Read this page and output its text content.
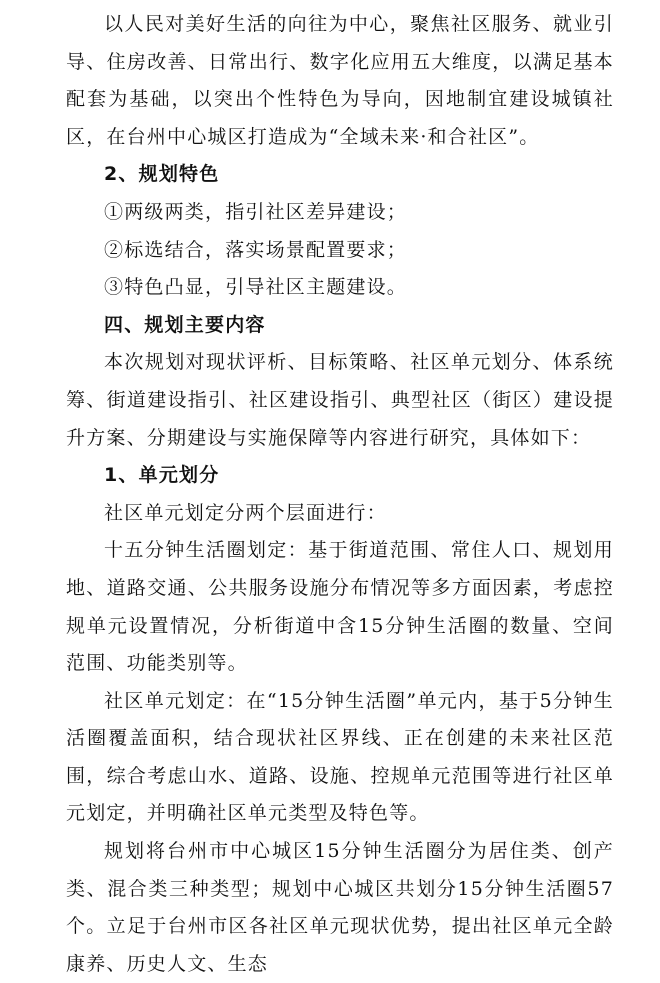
以人民对美好生活的向往为中心，聚焦社区服务、就业引导、住房改善、日常出行、数字化应用五大维度，以满足基本配套为基础，以突出个性特色为导向，因地制宜建设城镇社区，在台州中心城区打造成为“全域未来·和合社区”。

2、规划特色

①两级两类，指引社区差异建设；

②标选结合，落实场景配置要求；

③特色凸显，引导社区主题建设。

四、规划主要内容

本次规划对现状评析、目标策略、社区单元划分、体系统筹、街道建设指引、社区建设指引、典型社区（街区）建设提升方案、分期建设与实施保障等内容进行研究，具体如下：

1、单元划分

社区单元划定分两个层面进行：

十五分钟生活圈划定：基于街道范围、常住人口、规划用地、道路交通、公共服务设施分布情况等多方面因素，考虑控规单元设置情况，分析街道中含15分钟生活圈的数量、空间范围、功能类别等。

社区单元划定：在“15分钟生活圈”单元内，基于5分钟生活圈覆盖面积，结合现状社区界线、正在创建的未来社区范围，综合考虑山水、道路、设施、控规单元范围等进行社区单元划定，并明确社区单元类型及特色等。

规划将台州市中心城区15分钟生活圈分为居住类、创产类、混合类三种类型；规划中心城区共划分15分钟生活圈57个。立足于台州市区各社区单元现状优势，提出社区单元全龄康养、历史人文、生态
